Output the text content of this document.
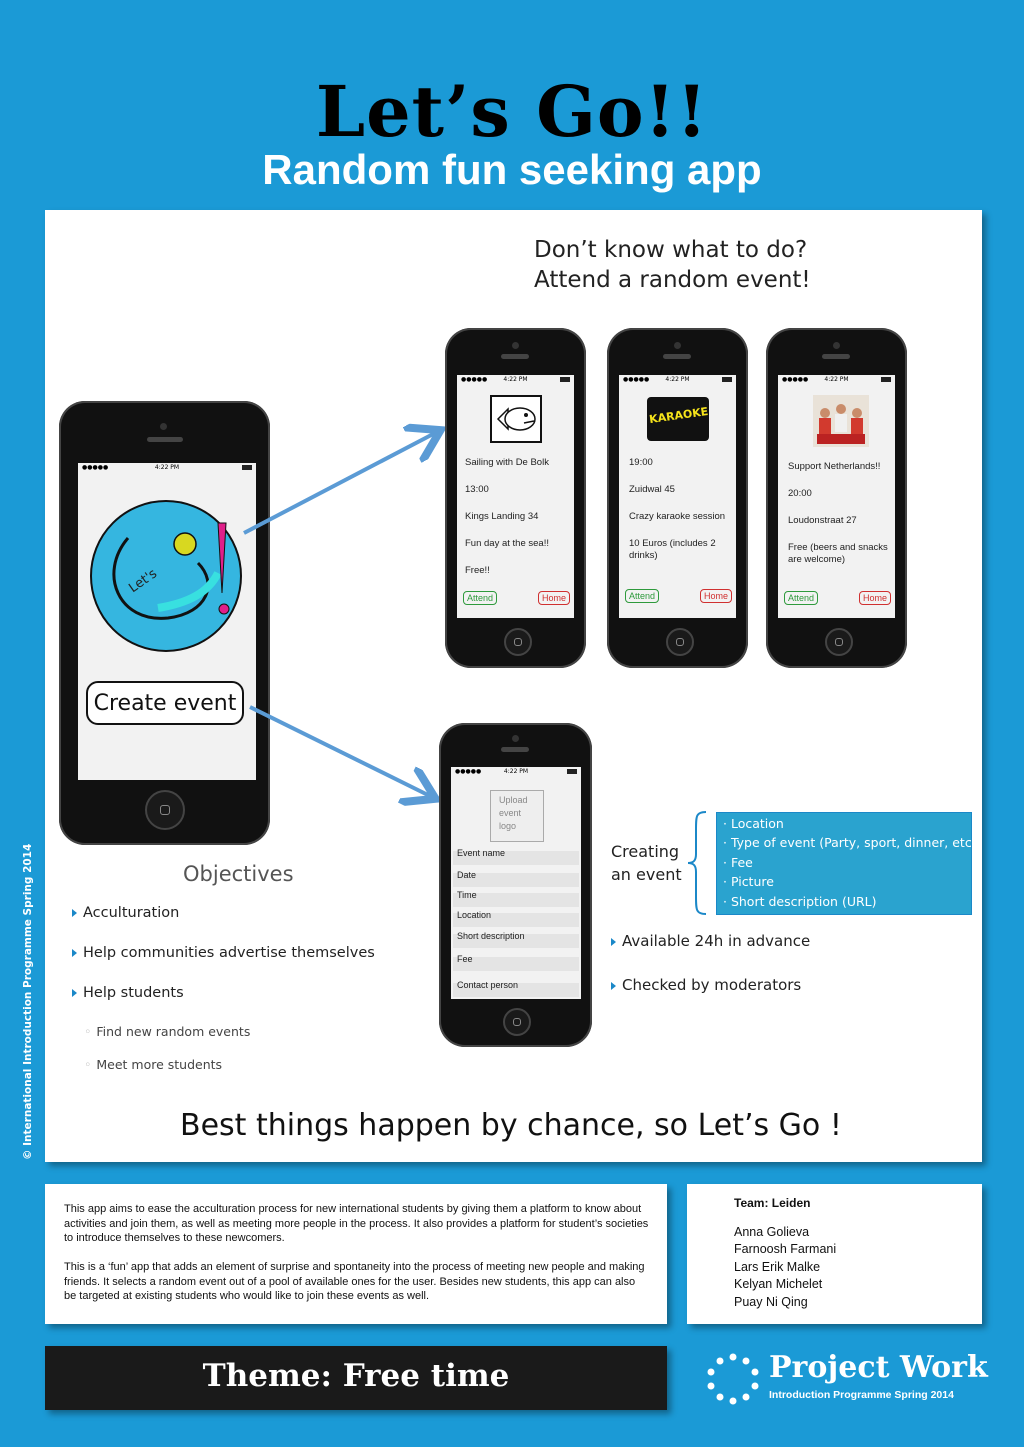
Let’s Go!!
Random fun seeking app
© International Introduction Programme Spring 2014
Don’t know what to do?
Attend a random event!
●●●●●	4:22 PM
Let's
Create event
●●●●●	4:22 PM
Sailing with De Bolk
13:00
Kings Landing 34
Fun day at the sea!!
Free!!
Attend	Home
●●●●●	4:22 PM
KARAOKE
19:00
Zuidwal 45
Crazy karaoke session
10 Euros (includes 2 drinks)
Attend	Home
●●●●●	4:22 PM
Support Netherlands!!
20:00
Loudonstraat 27
Free (beers and snacks are welcome)
Attend	Home
●●●●●	4:22 PM
Upload event logo
Event name
Date
Time
Location
Short description
Fee
Contact person
Creating
an event
· Location
· Type of event (Party, sport, dinner, etc.)
· Fee
· Picture
· Short description (URL)
Available 24h in advance
Checked by moderators
Objectives
Acculturation
Help communities advertise themselves
Help students
◦ Find new random events
◦ Meet more students
Best things happen by chance, so Let’s Go !

This app aims to ease the acculturation process for new international students by giving them a platform to know about activities and join them, as well as meeting more people in the process. It also provides a platform for student’s societies to introduce themselves to these newcomers.

This is a ‘fun’ app that adds an element of surprise and spontaneity into the process of meeting new people and making friends. It selects a random event out of a pool of available ones for the user. Besides new students, this app can also be targeted at existing students who would like to join these events as well.

Team: Leiden
Anna Golieva
Farnoosh Farmani
Lars Erik Malke
Kelyan Michelet
Puay Ni Qing
Theme: Free time	Project Work
Introduction Programme Spring 2014
